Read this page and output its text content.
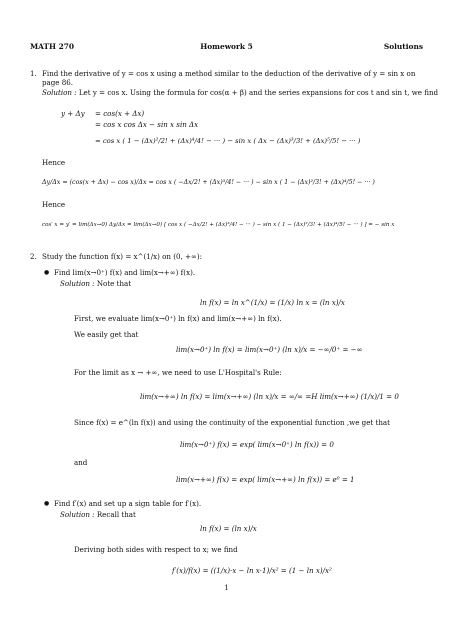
MATH 270	Homework 5	Solutions
1. Find the derivative of y = cos x using a method similar to the deduction of the derivative of y = sin x on page 86.
Solution : Let y = cos x. Using the formula for cos(α + β) and the series expansions for cos t and sin t, we find
y + Δy = cos(x + Δx)
= cos x cos Δx − sin x sin Δx
= cos x ( 1 − (Δx)²/2! + (Δx)⁴/4! − ··· ) − sin x ( Δx − (Δx)³/3! + (Δx)⁵/5! − ··· )
Hence
Δy/Δx = (cos(x + Δx) − cos x)/Δx = cos x ( −Δx/2! + (Δx)³/4! − ··· ) − sin x ( 1 − (Δx)²/3! + (Δx)⁴/5! − ··· )
Hence
cos′ x = y′ = lim(Δx→0) Δy/Δx = lim(Δx→0) [ cos x ( −Δx/2! + (Δx)³/4! − ··· ) − sin x ( 1 − (Δx)²/3! + (Δx)⁴/5! − ··· ) ] = − sin x
2. Study the function f(x) = x^(1/x) on (0, +∞):
● Find lim(x→0⁺) f(x) and lim(x→+∞) f(x).
Solution : Note that
ln f(x) = ln x^(1/x) = (1/x) ln x = (ln x)/x
First, we evaluate lim(x→0⁺) ln f(x) and lim(x→+∞) ln f(x).
We easily get that
lim(x→0⁺) ln f(x) = lim(x→0⁺) (ln x)/x = −∞/0⁺ = −∞
For the limit as x → +∞, we need to use L'Hospital's Rule:
lim(x→+∞) ln f(x) = lim(x→+∞) (ln x)/x = ∞/∞ =H lim(x→+∞) (1/x)/1 = 0
Since f(x) = e^(ln f(x)) and using the continuity of the exponential function ,we get that
lim(x→0⁺) f(x) = exp( lim(x→0⁺) ln f(x)) = 0
and
lim(x→+∞) f(x) = exp( lim(x→+∞) ln f(x)) = e⁰ = 1
● Find f′(x) and set up a sign table for f′(x).
Solution : Recall that
ln f(x) = (ln x)/x
Deriving both sides with respect to x; we find
f′(x)/f(x) = ((1/x)·x − ln x·1)/x² = (1 − ln x)/x²
1
